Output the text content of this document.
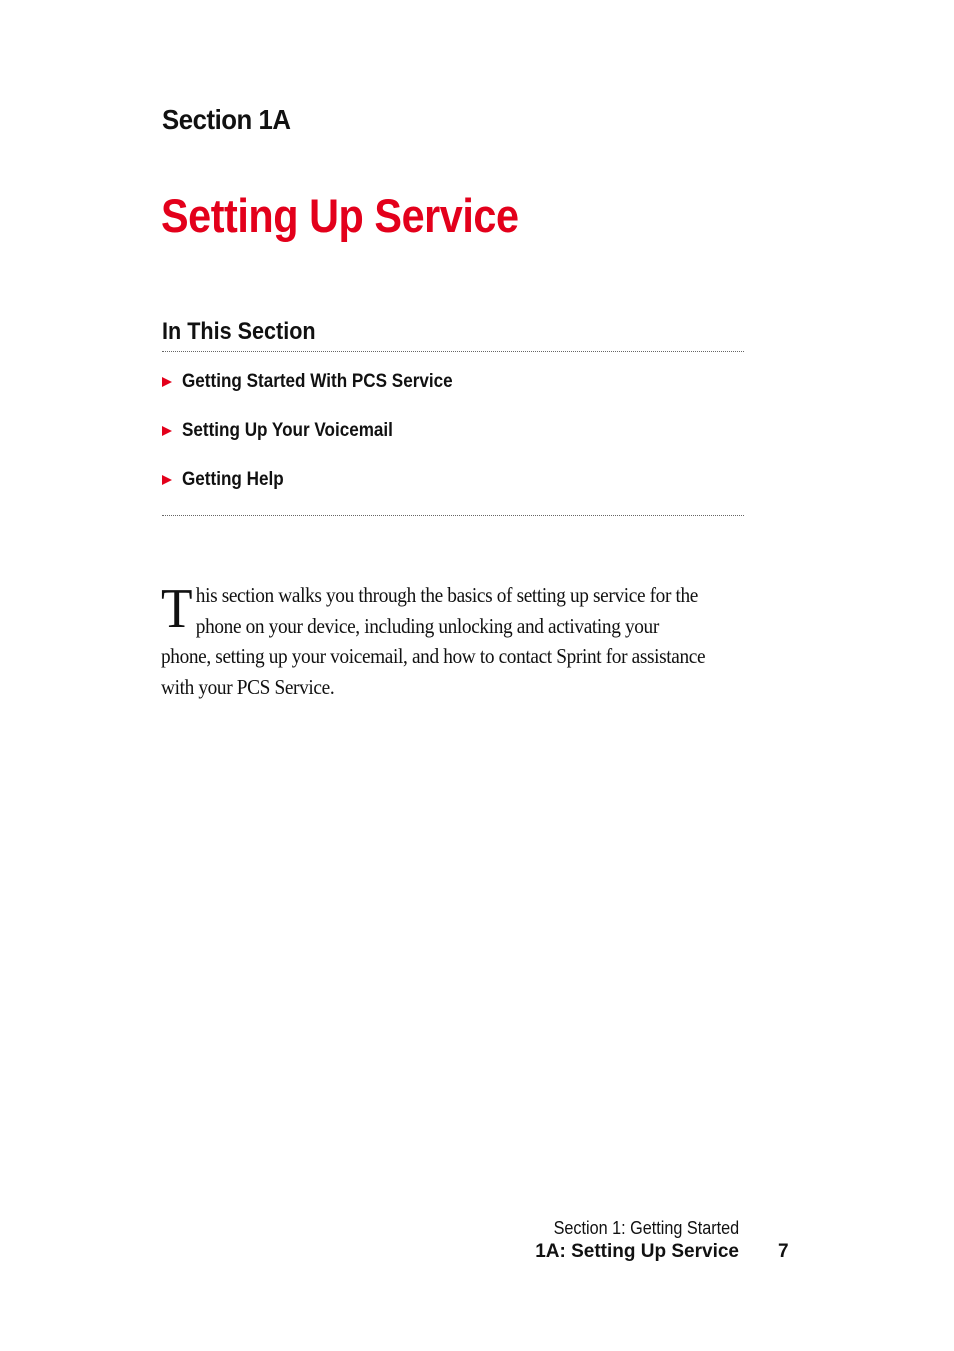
Section 1A
Setting Up Service
In This Section
Getting Started With PCS Service
Setting Up Your Voicemail
Getting Help

This section walks you through the basics of setting up service for the phone on your device, including unlocking and activating your phone, setting up your voicemail, and how to contact Sprint for assistance with your PCS Service.

Section 1: Getting Started

1A: Setting Up Service 7
